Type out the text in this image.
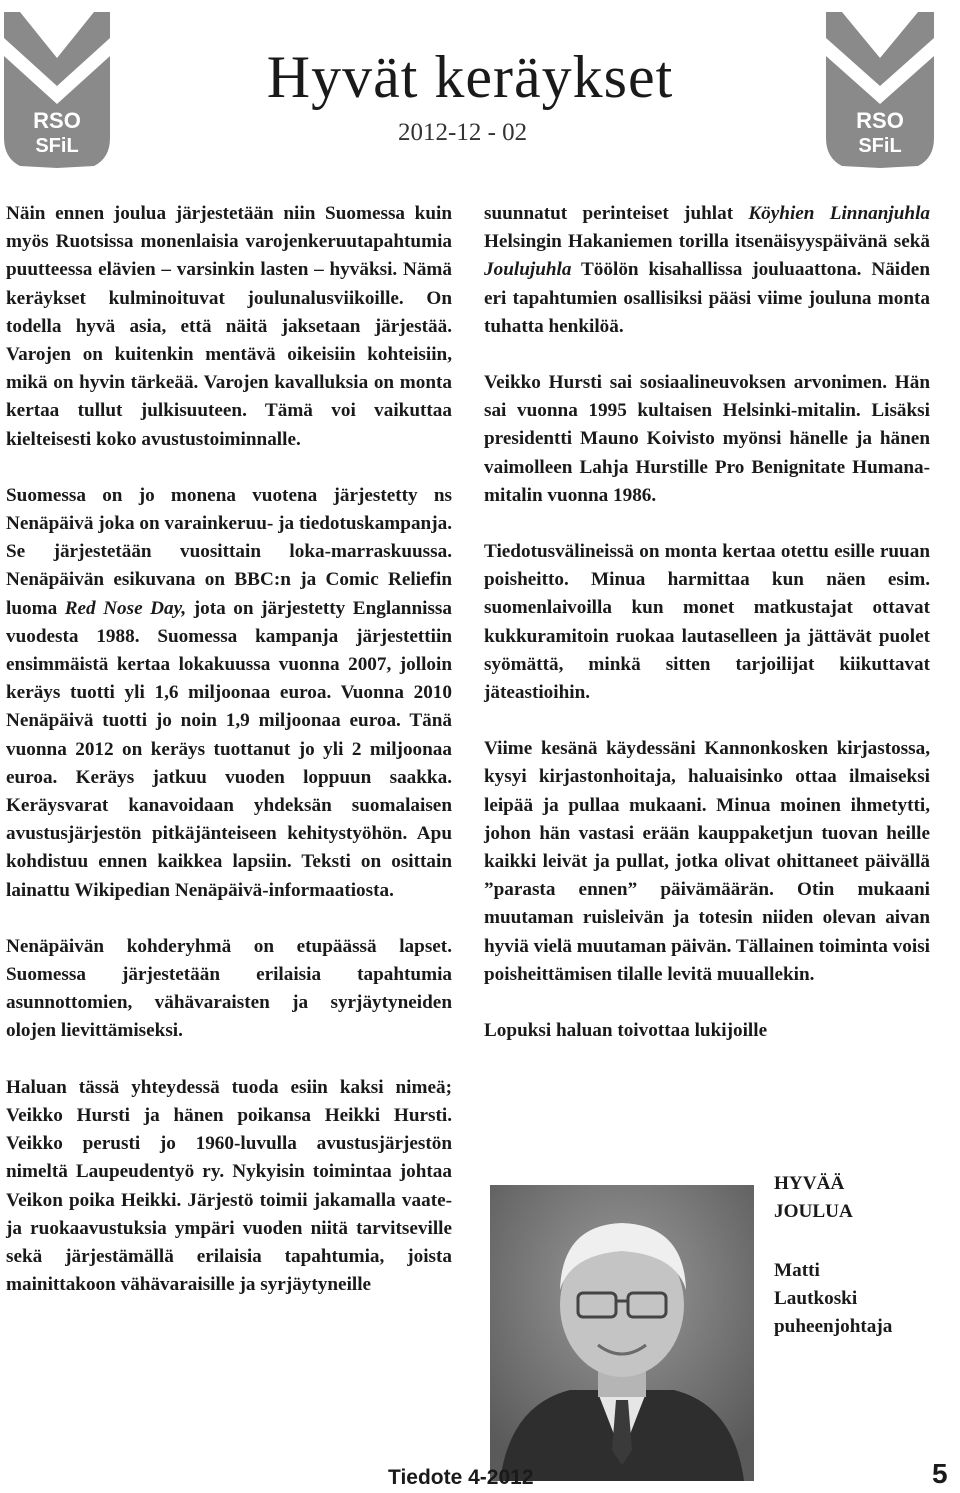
RSO
SFiL
RSO
SFiL
Hyvät keräykset
2012-12 - 02

Näin ennen joulua järjestetään niin Suomessa kuin myös Ruotsissa monenlaisia varojenkeruutapahtumia puutteessa elävien – varsinkin lasten – hyväksi. Nämä keräykset kulminoituvat joulunalusviikoille. On todella hyvä asia, että näitä jaksetaan järjestää. Varojen on kuitenkin mentävä oikeisiin kohteisiin, mikä on hyvin tärkeää. Varojen kavalluksia on monta kertaa tullut julkisuuteen. Tämä voi vaikuttaa kielteisesti koko avustustoiminnalle.

Suomessa on jo monena vuotena järjestetty ns Nenäpäivä joka on varainkeruu- ja tiedotuskampanja. Se järjestetään vuosittain loka-marraskuussa. Nenäpäivän esikuvana on BBC:n ja Comic Reliefin luoma Red Nose Day, jota on järjestetty Englannissa vuodesta 1988. Suomessa kampanja järjestettiin ensimmäistä kertaa lokakuussa vuonna 2007, jolloin keräys tuotti yli 1,6 miljoonaa euroa. Vuonna 2010 Nenäpäivä tuotti jo noin 1,9 miljoonaa euroa. Tänä vuonna 2012 on keräys tuottanut jo yli 2 miljoonaa euroa. Keräys jatkuu vuoden loppuun saakka. Keräysvarat kanavoidaan yhdeksän suomalaisen avustusjärjestön pitkäjänteiseen kehitystyöhön. Apu kohdistuu ennen kaikkea lapsiin. Teksti on osittain lainattu Wikipedian Nenäpäivä-informaatiosta.

Nenäpäivän kohderyhmä on etupäässä lapset. Suomessa järjestetään erilaisia tapahtumia asunnottomien, vähävaraisten ja syrjäytyneiden olojen lievittämiseksi.

Haluan tässä yhteydessä tuoda esiin kaksi nimeä; Veikko Hursti ja hänen poikansa Heikki Hursti. Veikko perusti jo 1960-luvulla avustusjärjestön nimeltä Laupeudentyö ry. Nykyisin toimintaa johtaa Veikon poika Heikki. Järjestö toimii jakamalla vaate- ja ruokaavustuksia ympäri vuoden niitä tarvitseville sekä järjestämällä erilaisia tapahtumia, joista mainittakoon vähävaraisille ja syrjäytyneille

suunnatut perinteiset juhlat Köyhien Linnanjuhla Helsingin Hakaniemen torilla itsenäisyyspäivänä sekä Joulujuhla Töölön kisahallissa jouluaattona. Näiden eri tapahtumien osallisiksi pääsi viime jouluna monta tuhatta henkilöä.

Veikko Hursti sai sosiaalineuvoksen arvonimen. Hän sai vuonna 1995 kultaisen Helsinki-mitalin. Lisäksi presidentti Mauno Koivisto myönsi hänelle ja hänen vaimolleen Lahja Hurstille Pro Benignitate Humana-mitalin vuonna 1986.

Tiedotusvälineissä on monta kertaa otettu esille ruuan poisheitto. Minua harmittaa kun näen esim. suomenlaivoilla kun monet matkustajat ottavat kukkuramitoin ruokaa lautaselleen ja jättävät puolet syömättä, minkä sitten tarjoilijat kiikuttavat jäteastioihin.

Viime kesänä käydessäni Kannonkosken kirjastossa, kysyi kirjastonhoitaja, haluaisinko ottaa ilmaiseksi leipää ja pullaa mukaani. Minua moinen ihmetytti, johon hän vastasi erään kauppaketjun tuovan heille kaikki leivät ja pullat, jotka olivat ohittaneet päivällä ”parasta ennen” päivämäärän. Otin mukaani muutaman ruisleivän ja totesin niiden olevan aivan hyviä vielä muutaman päivän. Tällainen toiminta voisi poisheittämisen tilalle levitä muuallekin.

Lopuksi haluan toivottaa lukijoille

HYVÄÄ
JOULUA
Matti
Lautkoski
puheenjohtaja
Tiedote 4-2012	5
